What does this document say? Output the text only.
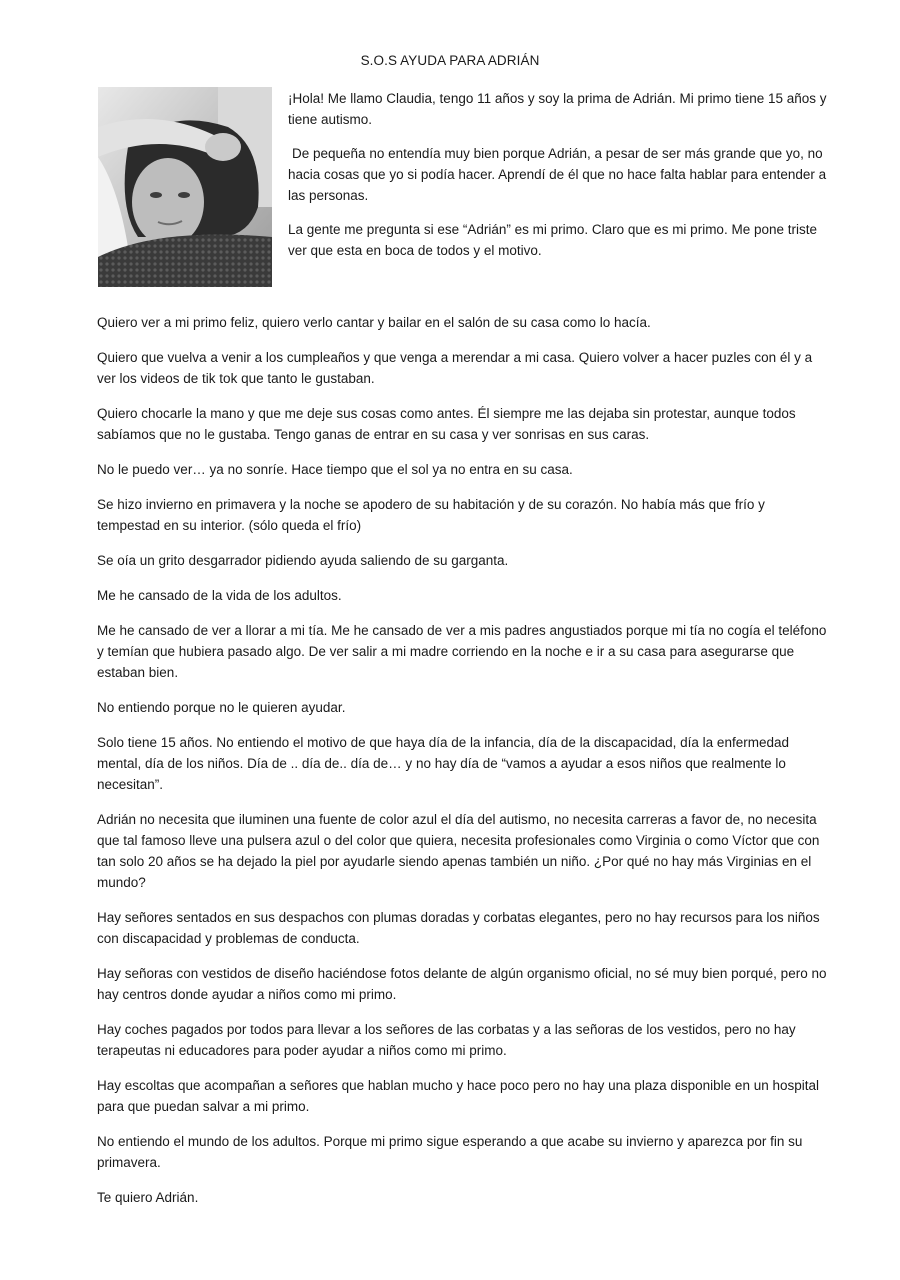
S.O.S AYUDA PARA ADRIÁN

¡Hola! Me llamo Claudia, tengo 11 años y soy la prima de Adrián. Mi primo tiene 15 años y tiene autismo.

De pequeña no entendía muy bien porque Adrián, a pesar de ser más grande que yo, no hacia cosas que yo si podía hacer. Aprendí de él que no hace falta hablar para entender a las personas.

La gente me pregunta si ese “Adrián” es mi primo. Claro que es mi primo. Me pone triste ver que esta en boca de todos y el motivo.

Quiero ver a mi primo feliz, quiero verlo cantar y bailar en el salón de su casa como lo hacía.

Quiero que vuelva a venir a los cumpleaños y que venga a merendar a mi casa. Quiero volver a hacer puzles con él y a ver los videos de tik tok que tanto le gustaban.

Quiero chocarle la mano y que me deje sus cosas como antes. Él siempre me las dejaba sin protestar, aunque todos sabíamos que no le gustaba. Tengo ganas de entrar en su casa y ver sonrisas en sus caras.

No le puedo ver… ya no sonríe. Hace tiempo que el sol ya no entra en su casa.

Se hizo invierno en primavera y la noche se apodero de su habitación y de su corazón. No había más que frío y tempestad en su interior. (sólo queda el frío)

Se oía un grito desgarrador pidiendo ayuda saliendo de su garganta.

Me he cansado de la vida de los adultos.

Me he cansado de ver a llorar a mi tía. Me he cansado de ver a mis padres angustiados porque mi tía no cogía el teléfono y temían que hubiera pasado algo. De ver salir a mi madre corriendo en la noche e ir a su casa para asegurarse que estaban bien.

No entiendo porque no le quieren ayudar.

Solo tiene 15 años. No entiendo el motivo de que haya día de la infancia, día de la discapacidad, día la enfermedad mental, día de los niños. Día de .. día de.. día de… y no hay día de “vamos a ayudar a esos niños que realmente lo necesitan”.

Adrián no necesita que iluminen una fuente de color azul el día del autismo, no necesita carreras a favor de, no necesita que tal famoso lleve una pulsera azul o del color que quiera, necesita profesionales como Virginia o como Víctor que con tan solo 20 años se ha dejado la piel por ayudarle siendo apenas también un niño. ¿Por qué no hay más Virginias en el mundo?

Hay señores sentados en sus despachos con plumas doradas y corbatas elegantes, pero no hay recursos para los niños con discapacidad y problemas de conducta.

Hay señoras con vestidos de diseño haciéndose fotos delante de algún organismo oficial, no sé muy bien porqué, pero no hay centros donde ayudar a niños como mi primo.

Hay coches pagados por todos para llevar a los señores de las corbatas y a las señoras de los vestidos, pero no hay terapeutas ni educadores para poder ayudar a niños como mi primo.

Hay escoltas que acompañan a señores que hablan mucho y hace poco pero no hay una plaza disponible en un hospital para que puedan salvar a mi primo.

No entiendo el mundo de los adultos. Porque mi primo sigue esperando a que acabe su invierno y aparezca por fin su primavera.

Te quiero Adrián.
